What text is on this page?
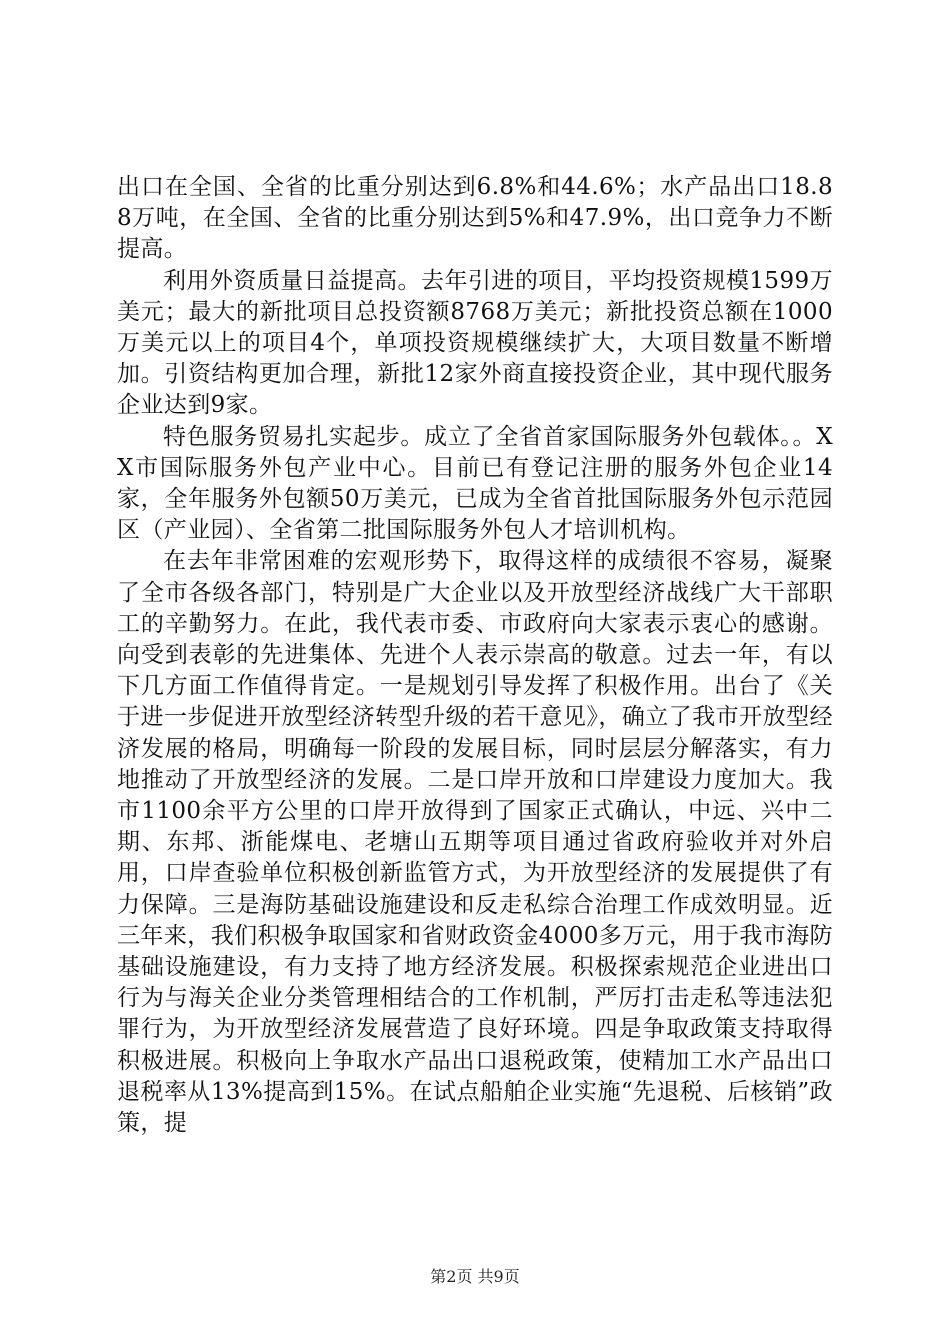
出口在全国、全省的比重分别达到6.8%和44.6%；水产品出口18.88万吨，在全国、全省的比重分别达到5%和47.9%，出口竞争力不断提高。

利用外资质量日益提高。去年引进的项目，平均投资规模1599万美元；最大的新批项目总投资额8768万美元；新批投资总额在1000万美元以上的项目4个，单项投资规模继续扩大，大项目数量不断增加。引资结构更加合理，新批12家外商直接投资企业，其中现代服务企业达到9家。

特色服务贸易扎实起步。成立了全省首家国际服务外包载体。。XX市国际服务外包产业中心。目前已有登记注册的服务外包企业14家，全年服务外包额50万美元，已成为全省首批国际服务外包示范园区（产业园）、全省第二批国际服务外包人才培训机构。

在去年非常困难的宏观形势下，取得这样的成绩很不容易，凝聚了全市各级各部门，特别是广大企业以及开放型经济战线广大干部职工的辛勤努力。在此，我代表市委、市政府向大家表示衷心的感谢。向受到表彰的先进集体、先进个人表示崇高的敬意。过去一年，有以下几方面工作值得肯定。一是规划引导发挥了积极作用。出台了《关于进一步促进开放型经济转型升级的若干意见》，确立了我市开放型经济发展的格局，明确每一阶段的发展目标，同时层层分解落实，有力地推动了开放型经济的发展。二是口岸开放和口岸建设力度加大。我市1100余平方公里的口岸开放得到了国家正式确认，中远、兴中二期、东邦、浙能煤电、老塘山五期等项目通过省政府验收并对外启用，口岸查验单位积极创新监管方式，为开放型经济的发展提供了有力保障。三是海防基础设施建设和反走私综合治理工作成效明显。近三年来，我们积极争取国家和省财政资金4000多万元，用于我市海防基础设施建设，有力支持了地方经济发展。积极探索规范企业进出口行为与海关企业分类管理相结合的工作机制，严厉打击走私等违法犯罪行为，为开放型经济发展营造了良好环境。四是争取政策支持取得积极进展。积极向上争取水产品出口退税政策，使精加工水产品出口退税率从13%提高到15%。在试点船舶企业实施“先退税、后核销”政策，提

第2页 共9页
